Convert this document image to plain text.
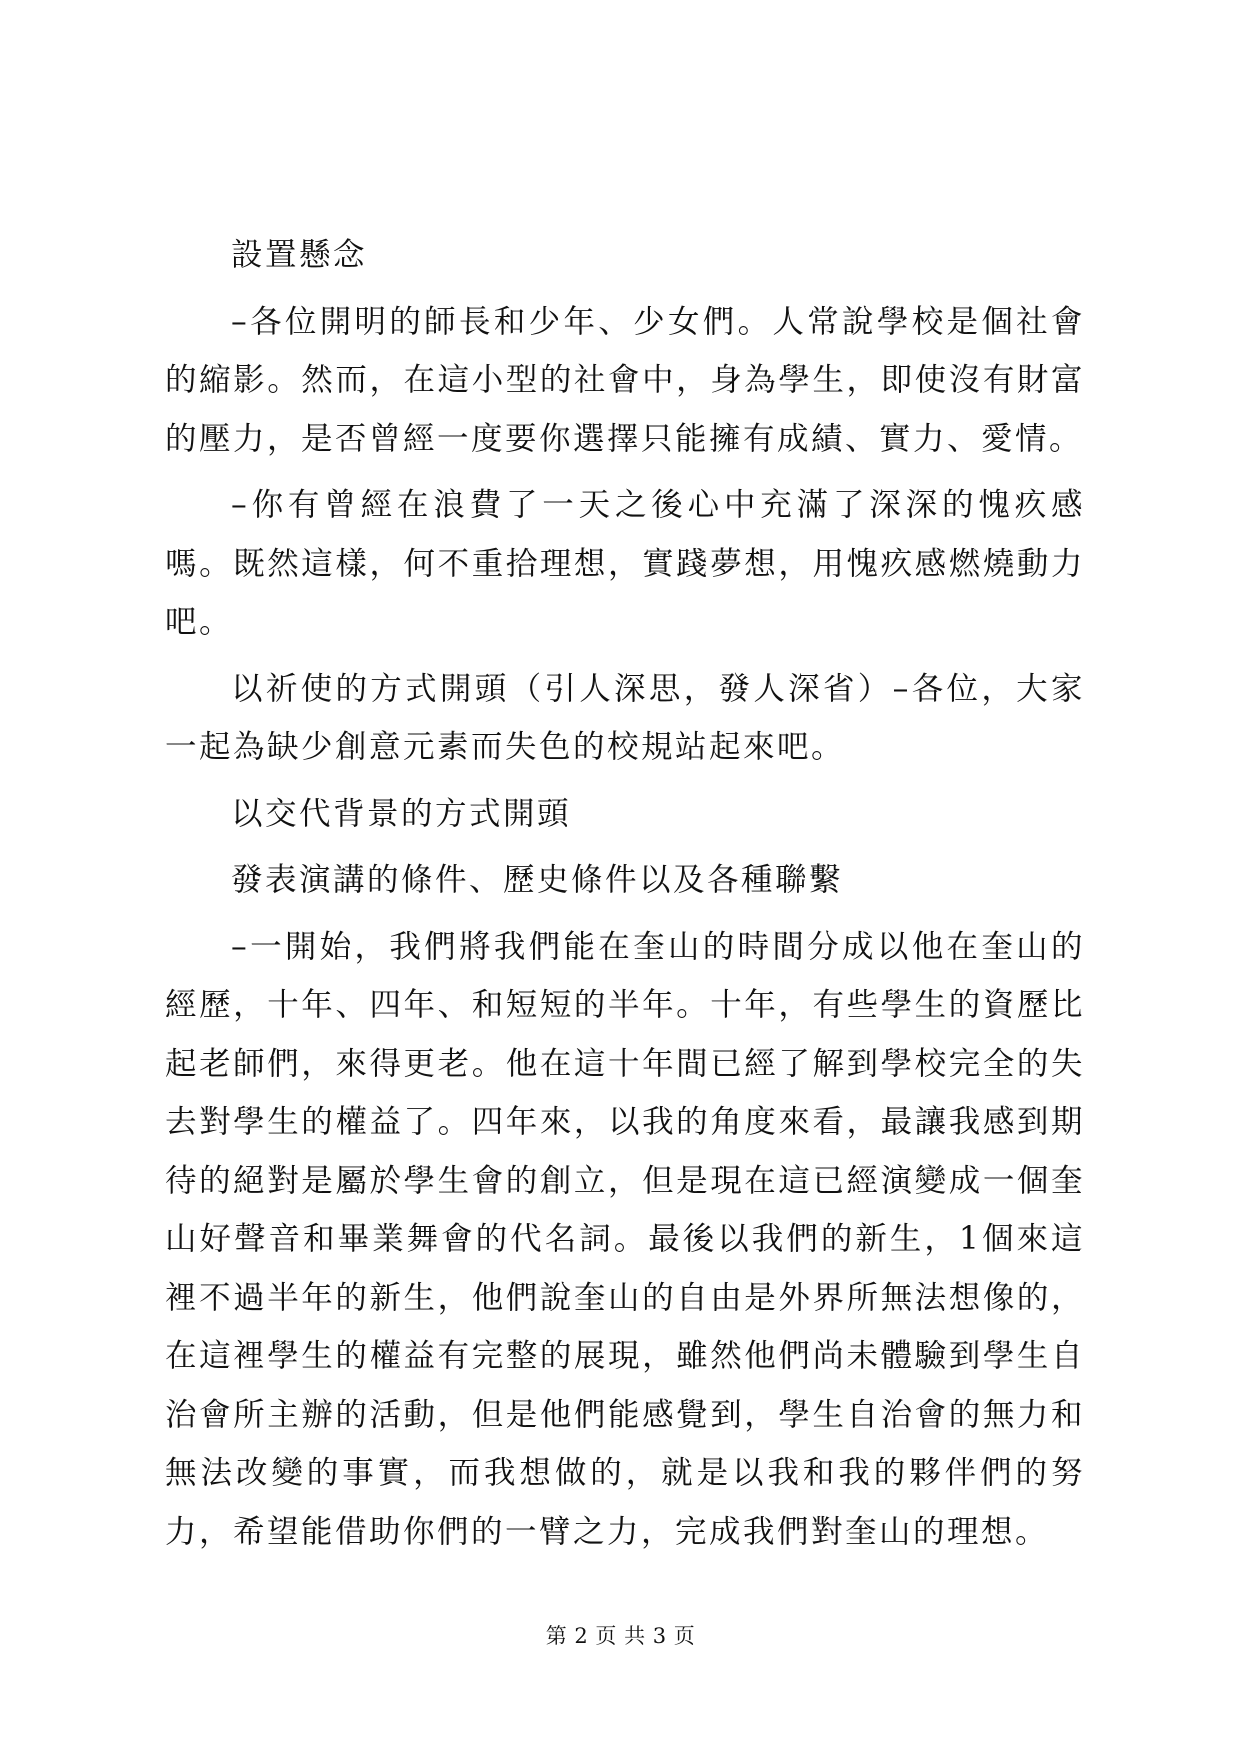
設置懸念

–各位開明的師長和少年、少女們。人常說學校是個社會的縮影。然而，在這小型的社會中，身為學生，即使沒有財富的壓力，是否曾經一度要你選擇只能擁有成績、實力、愛情。

–你有曾經在浪費了一天之後心中充滿了深深的愧疚感嗎。既然這樣，何不重拾理想，實踐夢想，用愧疚感燃燒動力吧。

以祈使的方式開頭（引人深思，發人深省）–各位，大家一起為缺少創意元素而失色的校規站起來吧。

以交代背景的方式開頭

發表演講的條件、歷史條件以及各種聯繫

–一開始，我們將我們能在奎山的時間分成以他在奎山的經歷，十年、四年、和短短的半年。十年，有些學生的資歷比起老師們，來得更老。他在這十年間已經了解到學校完全的失去對學生的權益了。四年來，以我的角度來看，最讓我感到期待的絕對是屬於學生會的創立，但是現在這已經演變成一個奎山好聲音和畢業舞會的代名詞。最後以我們的新生，1個來這裡不過半年的新生，他們說奎山的自由是外界所無法想像的，在這裡學生的權益有完整的展現，雖然他們尚未體驗到學生自治會所主辦的活動，但是他們能感覺到，學生自治會的無力和無法改變的事實，而我想做的，就是以我和我的夥伴們的努力，希望能借助你們的一臂之力，完成我們對奎山的理想。

第 2 页 共 3 页
